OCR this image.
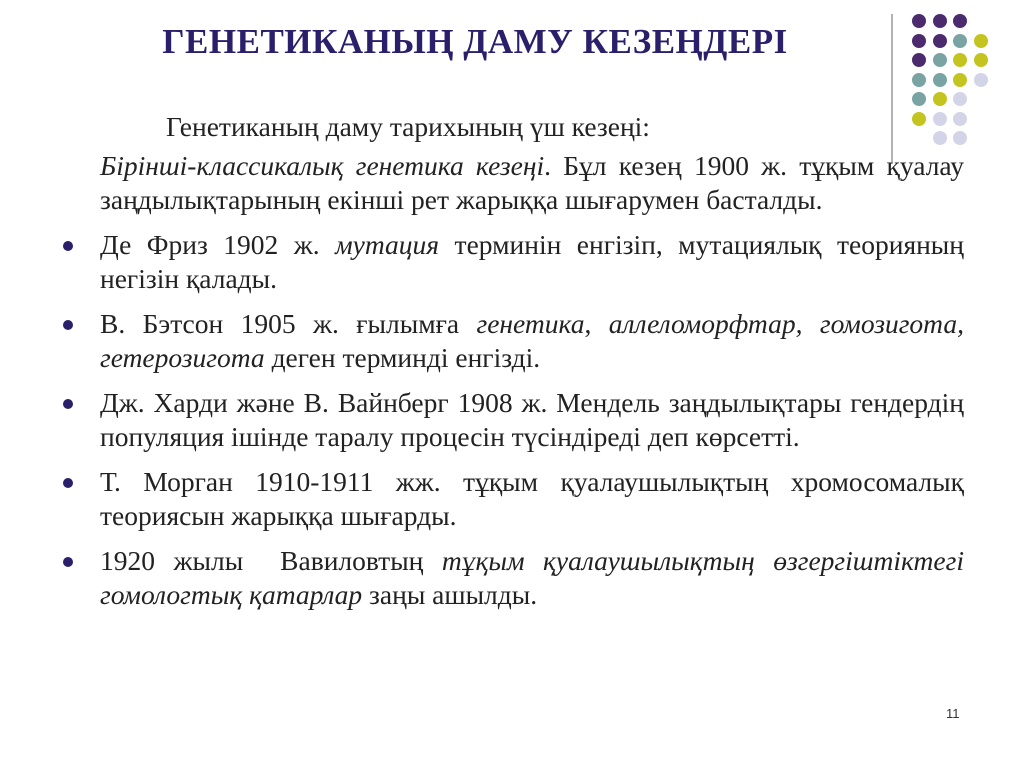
ГЕНЕТИКАНЫҢ ДАМУ КЕЗЕҢДЕРІ
Генетиканың даму тарихының үш кезеңі:
Бірінші-классикалық генетика кезеңі. Бұл кезең 1900 ж. тұқым қуалау заңдылықтарының екінші рет жарыққа шығарумен басталды.
Де Фриз 1902 ж. мутация терминін енгізіп, мутациялық теорияның негізін қалады.
В. Бэтсон 1905 ж. ғылымға генетика, аллеломорфтар, гомозигота, гетерозигота деген терминді енгізді.
Дж. Харди және В. Вайнберг 1908 ж. Мендель заңдылықтары гендердің популяция ішінде таралу процесін түсіндіреді деп көрсетті.
Т. Морган 1910-1911 жж. тұқым қуалаушылықтың хромосомалық теориясын жарыққа шығарды.
1920 жылы  Вавиловтың тұқым қуалаушылықтың өзгергіштіктегі гомологтық қатарлар заңы ашылды.
11
